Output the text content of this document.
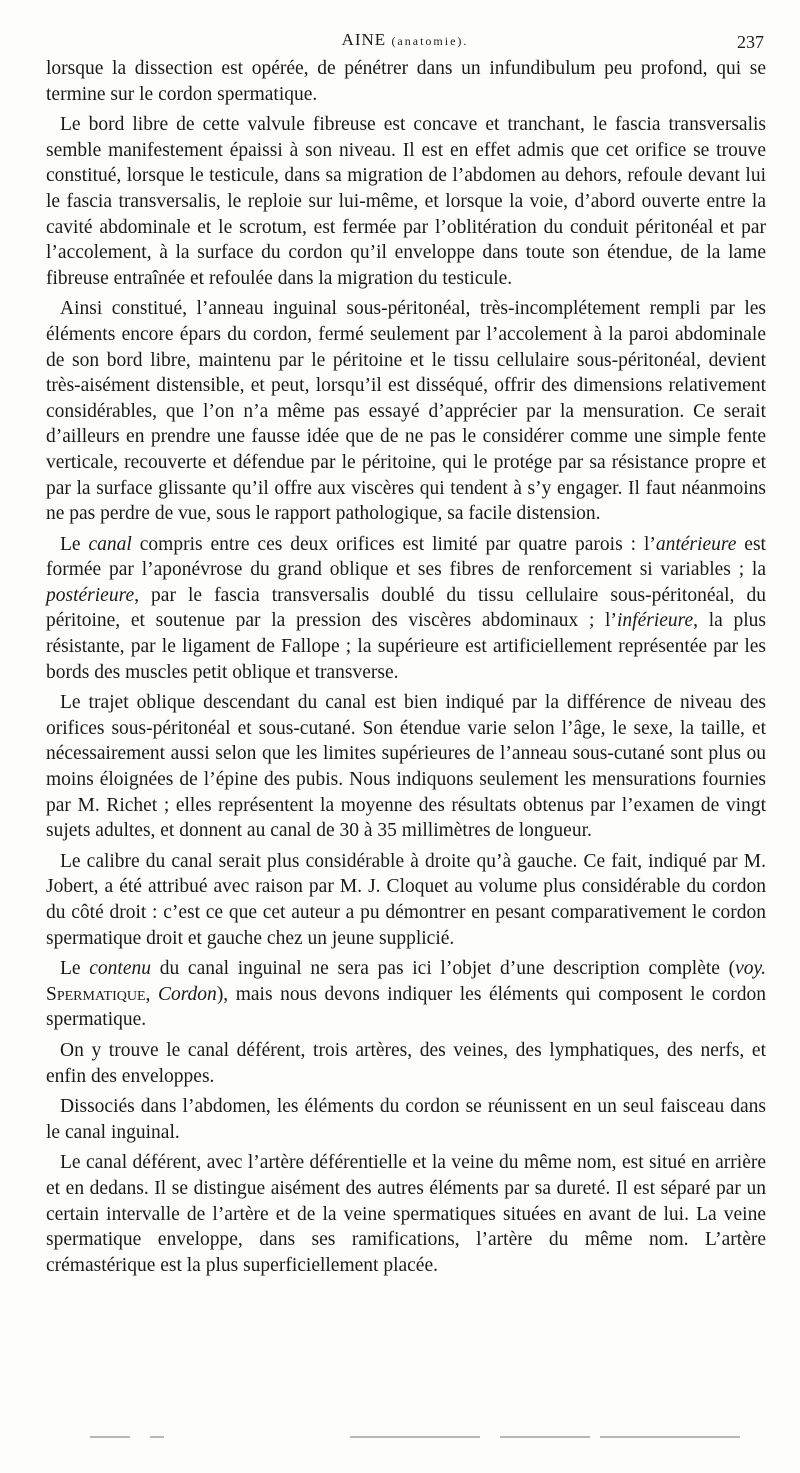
AINE (anatomie).	237

lorsque la dissection est opérée, de pénétrer dans un infundibulum peu profond, qui se termine sur le cordon spermatique.

Le bord libre de cette valvule fibreuse est concave et tranchant, le fascia transversalis semble manifestement épaissi à son niveau. Il est en effet admis que cet orifice se trouve constitué, lorsque le testicule, dans sa migration de l’abdomen au dehors, refoule devant lui le fascia transversalis, le reploie sur lui-même, et lorsque la voie, d’abord ouverte entre la cavité abdominale et le scrotum, est fermée par l’oblitération du conduit péritonéal et par l’accolement, à la surface du cordon qu’il enveloppe dans toute son étendue, de la lame fibreuse entraînée et refoulée dans la migration du testicule.

Ainsi constitué, l’anneau inguinal sous-péritonéal, très-incomplétement rempli par les éléments encore épars du cordon, fermé seulement par l’accolement à la paroi abdominale de son bord libre, maintenu par le péritoine et le tissu cellulaire sous-péritonéal, devient très-aisément distensible, et peut, lorsqu’il est disséqué, offrir des dimensions relativement considérables, que l’on n’a même pas essayé d’apprécier par la mensuration. Ce serait d’ailleurs en prendre une fausse idée que de ne pas le considérer comme une simple fente verticale, recouverte et défendue par le péritoine, qui le protége par sa résistance propre et par la surface glissante qu’il offre aux viscères qui tendent à s’y engager. Il faut néanmoins ne pas perdre de vue, sous le rapport pathologique, sa facile distension.

Le canal compris entre ces deux orifices est limité par quatre parois : l’antérieure est formée par l’aponévrose du grand oblique et ses fibres de renforcement si variables ; la postérieure, par le fascia transversalis doublé du tissu cellulaire sous-péritonéal, du péritoine, et soutenue par la pression des viscères abdominaux ; l’inférieure, la plus résistante, par le ligament de Fallope ; la supérieure est artificiellement représentée par les bords des muscles petit oblique et transverse.

Le trajet oblique descendant du canal est bien indiqué par la différence de niveau des orifices sous-péritonéal et sous-cutané. Son étendue varie selon l’âge, le sexe, la taille, et nécessairement aussi selon que les limites supérieures de l’anneau sous-cutané sont plus ou moins éloignées de l’épine des pubis. Nous indiquons seulement les mensurations fournies par M. Richet ; elles représentent la moyenne des résultats obtenus par l’examen de vingt sujets adultes, et donnent au canal de 30 à 35 millimètres de longueur.

Le calibre du canal serait plus considérable à droite qu’à gauche. Ce fait, indiqué par M. Jobert, a été attribué avec raison par M. J. Cloquet au volume plus considérable du cordon du côté droit : c’est ce que cet auteur a pu démontrer en pesant comparativement le cordon spermatique droit et gauche chez un jeune supplicié.

Le contenu du canal inguinal ne sera pas ici l’objet d’une description complète (voy. Spermatique, Cordon), mais nous devons indiquer les éléments qui composent le cordon spermatique.

On y trouve le canal déférent, trois artères, des veines, des lymphatiques, des nerfs, et enfin des enveloppes.

Dissociés dans l’abdomen, les éléments du cordon se réunissent en un seul faisceau dans le canal inguinal.

Le canal déférent, avec l’artère déférentielle et la veine du même nom, est situé en arrière et en dedans. Il se distingue aisément des autres éléments par sa dureté. Il est séparé par un certain intervalle de l’artère et de la veine spermatiques situées en avant de lui. La veine spermatique enveloppe, dans ses ramifications, l’artère du même nom. L’artère crémastérique est la plus superficiellement placée.
